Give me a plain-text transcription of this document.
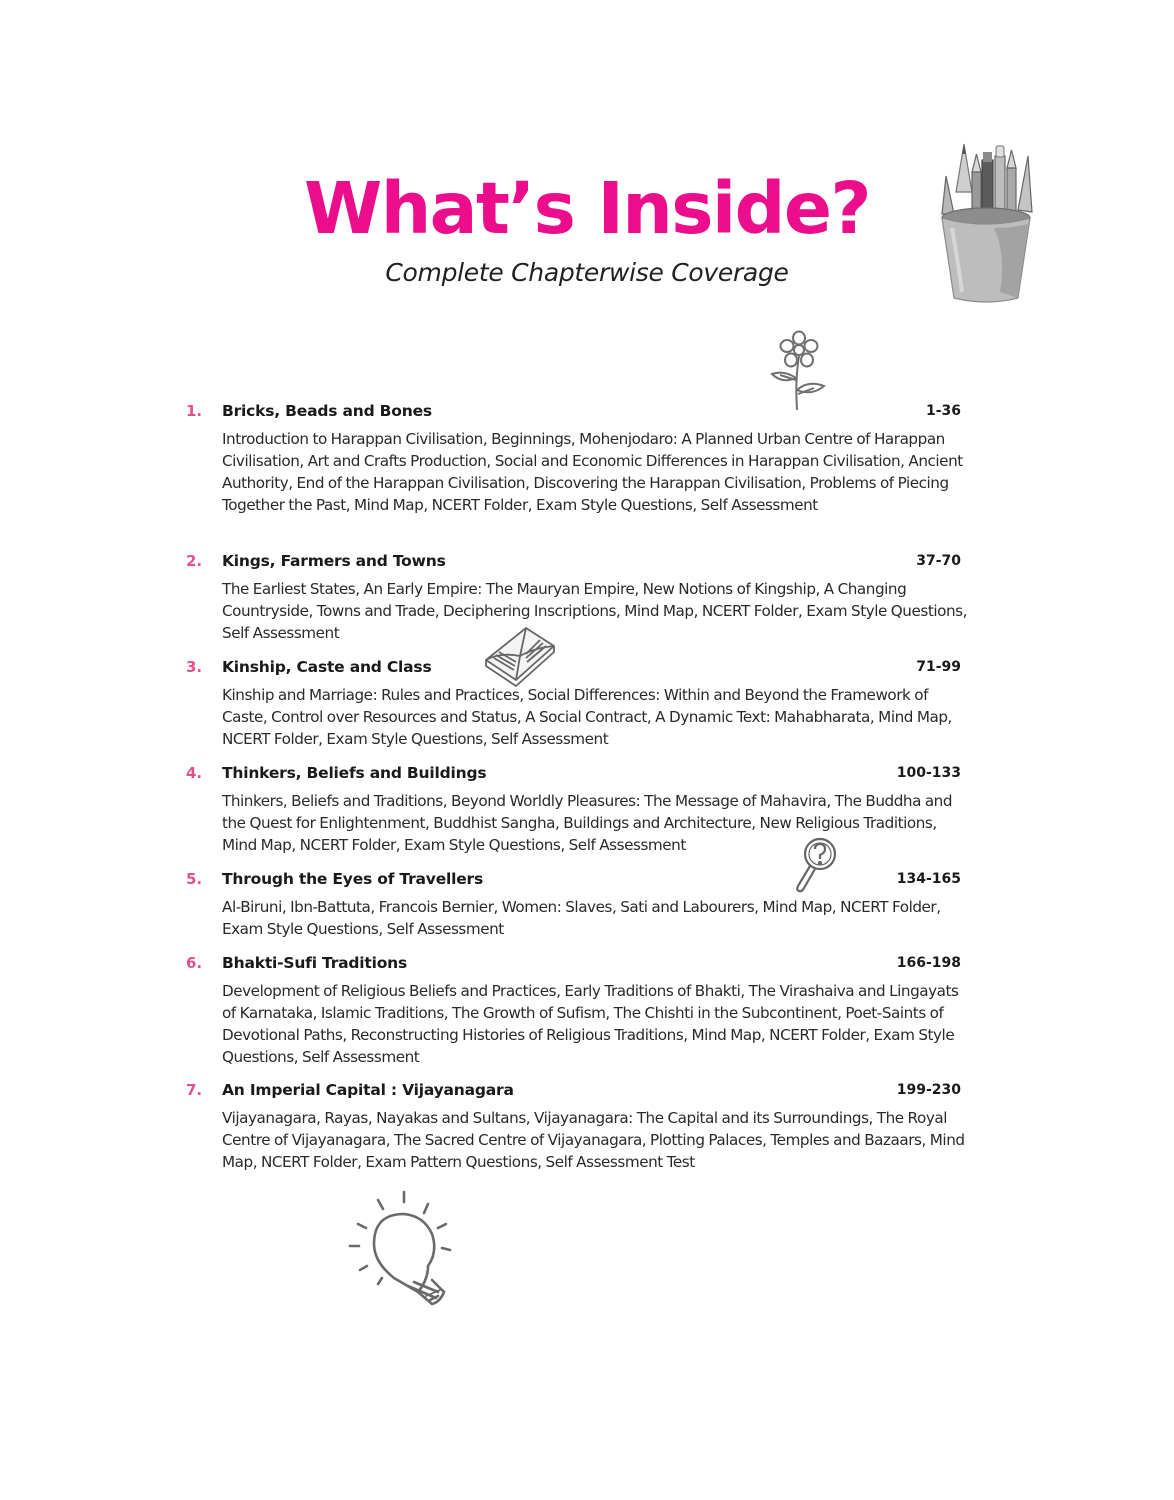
What’s Inside?
Complete Chapterwise Coverage
1. Bricks, Beads and Bones	1-36

Introduction to Harappan Civilisation, Beginnings, Mohenjodaro: A Planned Urban Centre of Harappan Civilisation, Art and Crafts Production, Social and Economic Differences in Harappan Civilisation, Ancient Authority, End of the Harappan Civilisation, Discovering the Harappan Civilisation, Problems of Piecing Together the Past, Mind Map, NCERT Folder, Exam Style Questions, Self Assessment

2. Kings, Farmers and Towns	37-70

The Earliest States, An Early Empire: The Mauryan Empire, New Notions of Kingship, A Changing Countryside, Towns and Trade, Deciphering Inscriptions, Mind Map, NCERT Folder, Exam Style Questions, Self Assessment

3. Kinship, Caste and Class	71-99

Kinship and Marriage: Rules and Practices, Social Differences: Within and Beyond the Framework of Caste, Control over Resources and Status, A Social Contract, A Dynamic Text: Mahabharata, Mind Map, NCERT Folder, Exam Style Questions, Self Assessment

4. Thinkers, Beliefs and Buildings	100-133

Thinkers, Beliefs and Traditions, Beyond Worldly Pleasures: The Message of Mahavira, The Buddha and the Quest for Enlightenment, Buddhist Sangha, Buildings and Architecture, New Religious Traditions, Mind Map, NCERT Folder, Exam Style Questions, Self Assessment

5. Through the Eyes of Travellers	134-165

Al-Biruni, Ibn-Battuta, Francois Bernier, Women: Slaves, Sati and Labourers, Mind Map, NCERT Folder, Exam Style Questions, Self Assessment

6. Bhakti-Sufi Traditions	166-198

Development of Religious Beliefs and Practices, Early Traditions of Bhakti, The Virashaiva and Lingayats of Karnataka, Islamic Traditions, The Growth of Sufism, The Chishti in the Subcontinent, Poet-Saints of Devotional Paths, Reconstructing Histories of Religious Traditions, Mind Map, NCERT Folder, Exam Style Questions, Self Assessment

7. An Imperial Capital : Vijayanagara	199-230

Vijayanagara, Rayas, Nayakas and Sultans, Vijayanagara: The Capital and its Surroundings, The Royal Centre of Vijayanagara, The Sacred Centre of Vijayanagara, Plotting Palaces, Temples and Bazaars, Mind Map, NCERT Folder, Exam Pattern Questions, Self Assessment Test
